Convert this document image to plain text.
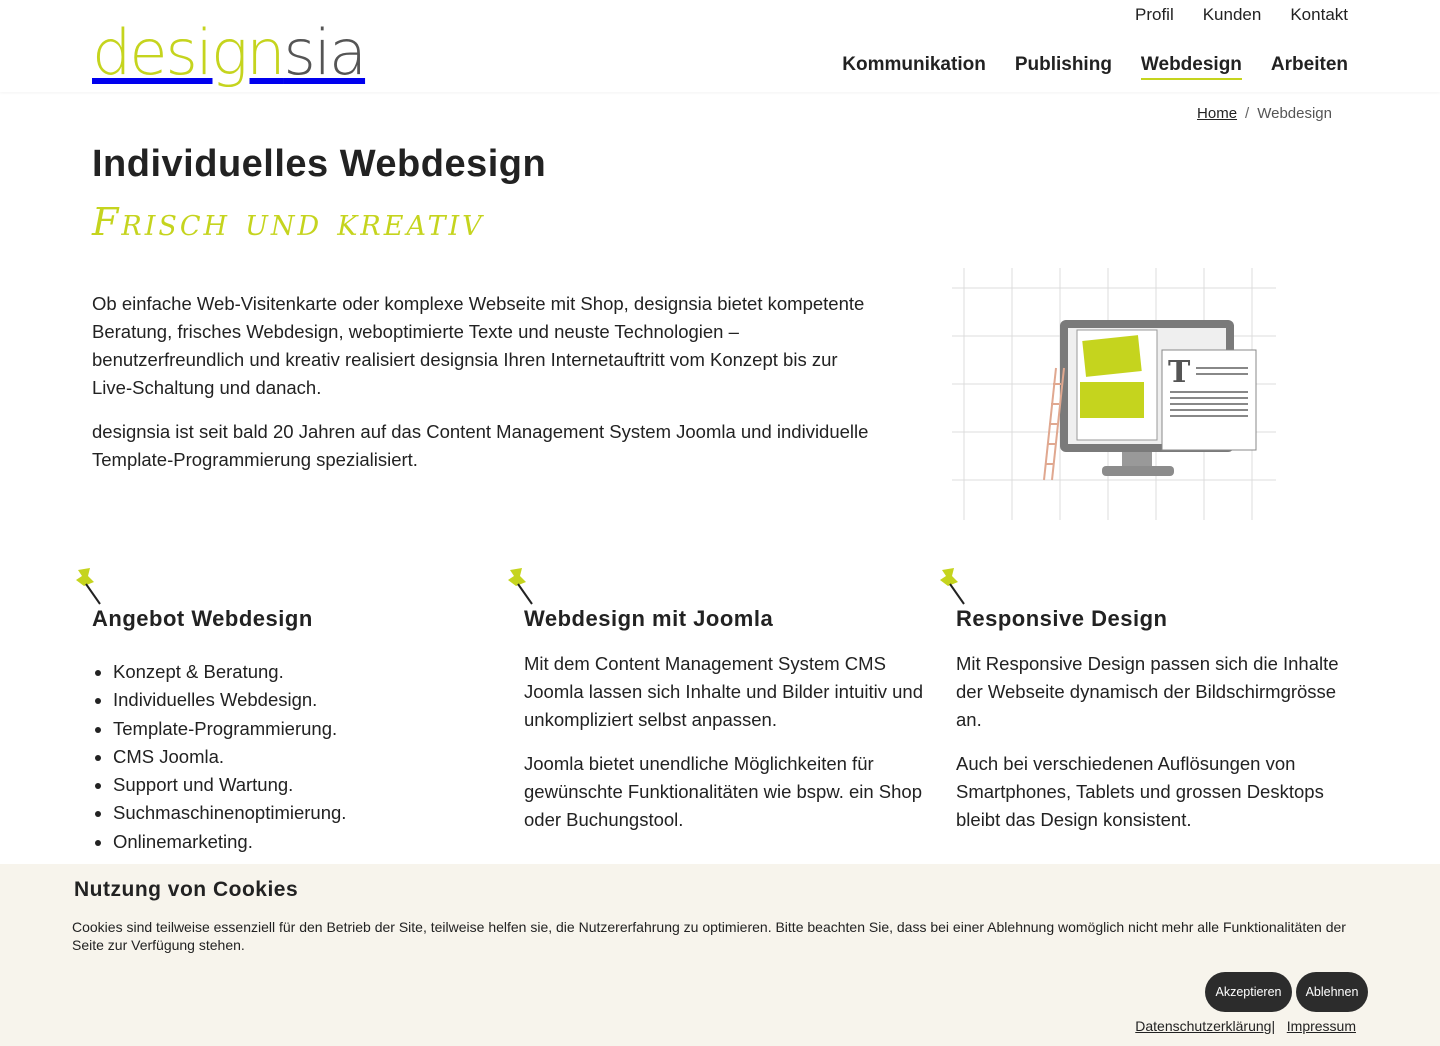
designsia
Profil Kunden Kontakt
Kommunikation Publishing Webdesign Arbeiten
Home / Webdesign
Individuelles Webdesign
Frisch und kreativ

Ob einfache Web-Visitenkarte oder komplexe Webseite mit Shop, designsia bietet kompetente Beratung, frisches Webdesign, weboptimierte Texte und neuste Technologien – benutzerfreundlich und kreativ realisiert designsia Ihren Internetauftritt vom Konzept bis zur Live-Schaltung und danach.

designsia ist seit bald 20 Jahren auf das Content Management System Joomla und individuelle Template-Programmierung spezialisiert.

T
Angebot Webdesign
• Konzept & Beratung.
• Individuelles Webdesign.
• Template-Programmierung.
• CMS Joomla.
• Support und Wartung.
• Suchmaschinenoptimierung.
• Onlinemarketing.
Webdesign mit Joomla

Mit dem Content Management System CMS Joomla lassen sich Inhalte und Bilder intuitiv und unkompliziert selbst anpassen.

Joomla bietet unendliche Möglichkeiten für gewünschte Funktionalitäten wie bspw. ein Shop oder Buchungstool.

Responsive Design

Mit Responsive Design passen sich die Inhalte der Webseite dynamisch der Bildschirmgrösse an.

Auch bei verschiedenen Auflösungen von Smartphones, Tablets und grossen Desktops bleibt das Design konsistent.

Nutzung von Cookies
Cookies sind teilweise essenziell für den Betrieb der Site, teilweise helfen sie, die Nutzererfahrung zu optimieren. Bitte beachten Sie, dass bei einer Ablehnung womöglich nicht mehr alle Funktionalitäten der Seite zur Verfügung stehen.
Akzeptieren	Ablehnen
Datenschutzerklärung| Impressum
